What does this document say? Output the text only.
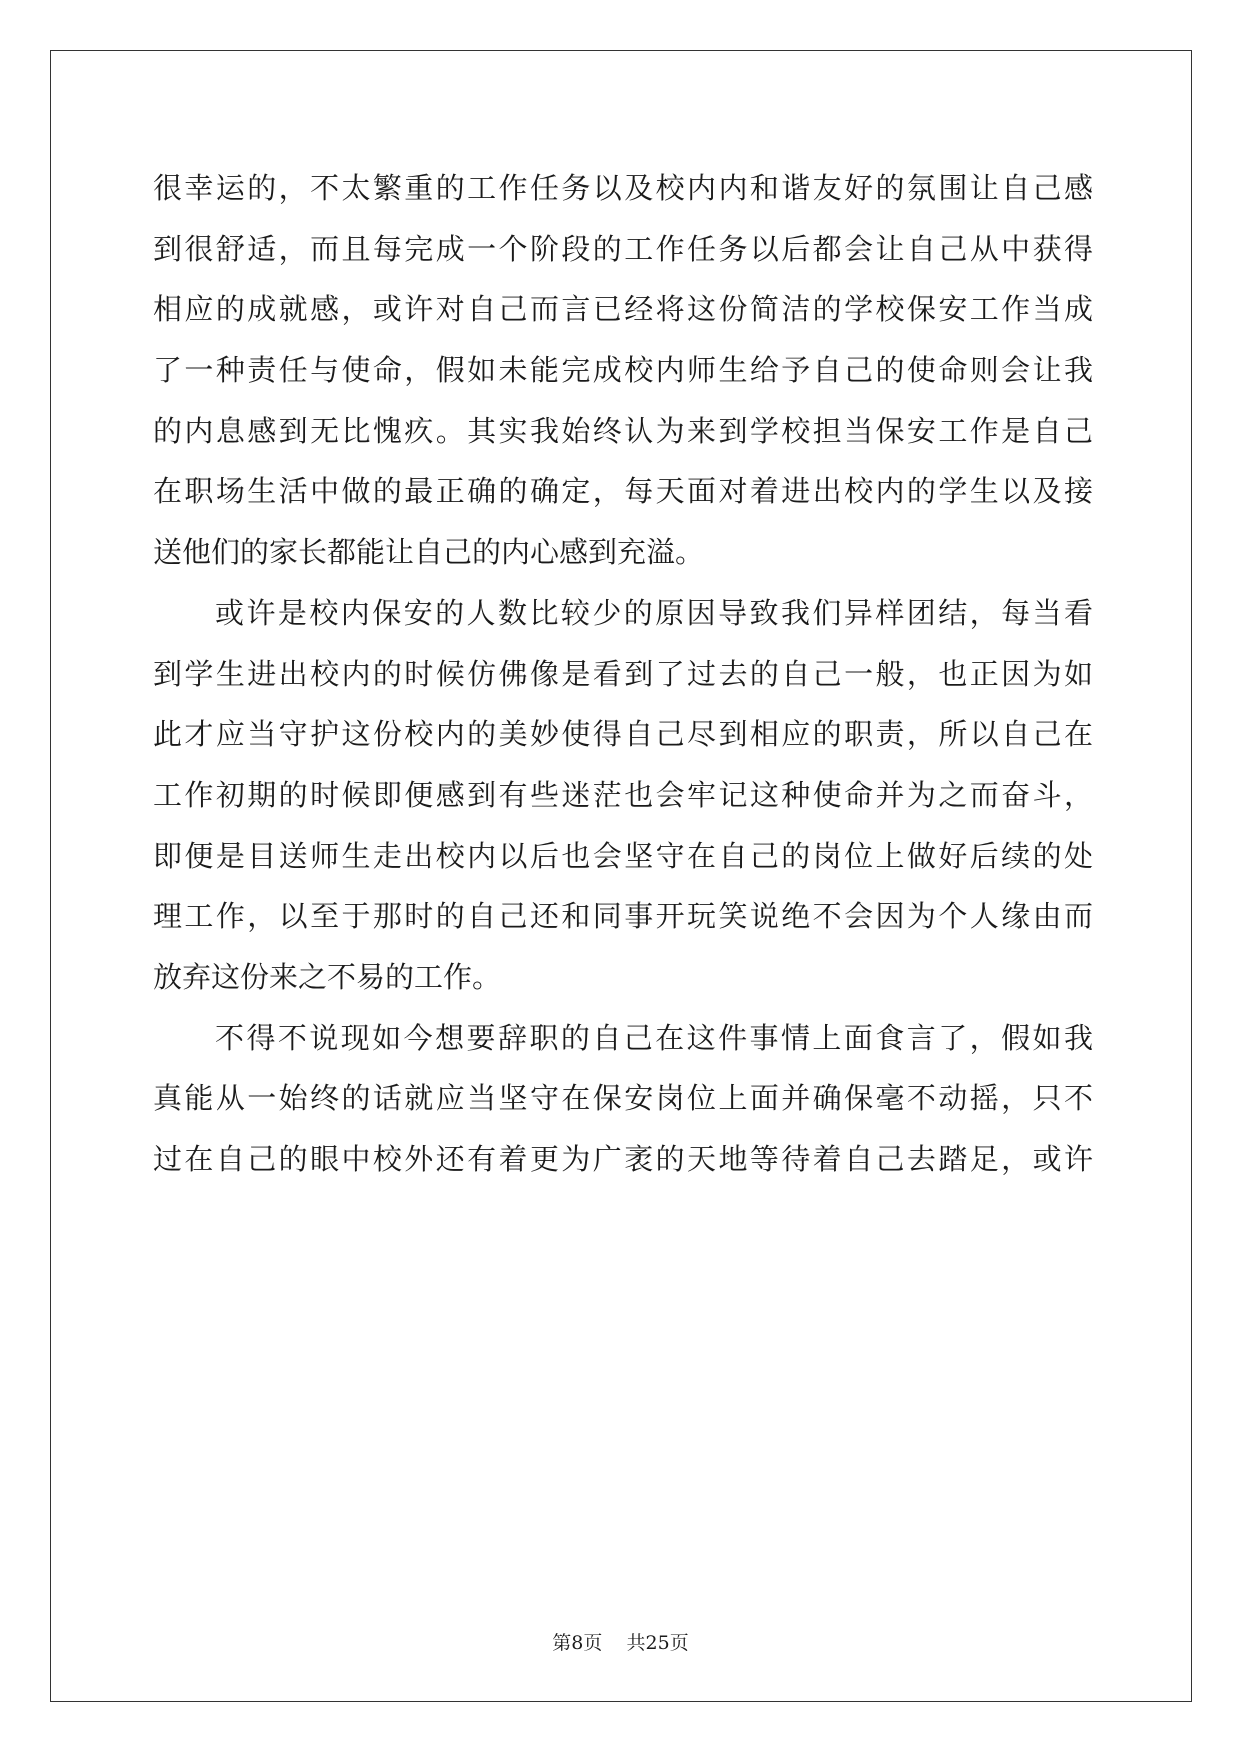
很幸运的，不太繁重的工作任务以及校内内和谐友好的氛围让自己感
到很舒适，而且每完成一个阶段的工作任务以后都会让自己从中获得
相应的成就感，或许对自己而言已经将这份简洁的学校保安工作当成
了一种责任与使命，假如未能完成校内师生给予自己的使命则会让我
的内息感到无比愧疚。其实我始终认为来到学校担当保安工作是自己
在职场生活中做的最正确的确定，每天面对着进出校内的学生以及接
送他们的家长都能让自己的内心感到充溢。
或许是校内保安的人数比较少的原因导致我们异样团结，每当看
到学生进出校内的时候仿佛像是看到了过去的自己一般，也正因为如
此才应当守护这份校内的美妙使得自己尽到相应的职责，所以自己在
工作初期的时候即便感到有些迷茫也会牢记这种使命并为之而奋斗，
即便是目送师生走出校内以后也会坚守在自己的岗位上做好后续的处
理工作，以至于那时的自己还和同事开玩笑说绝不会因为个人缘由而
放弃这份来之不易的工作。
不得不说现如今想要辞职的自己在这件事情上面食言了，假如我
真能从一始终的话就应当坚守在保安岗位上面并确保毫不动摇，只不
过在自己的眼中校外还有着更为广袤的天地等待着自己去踏足，或许
第8页    共25页
